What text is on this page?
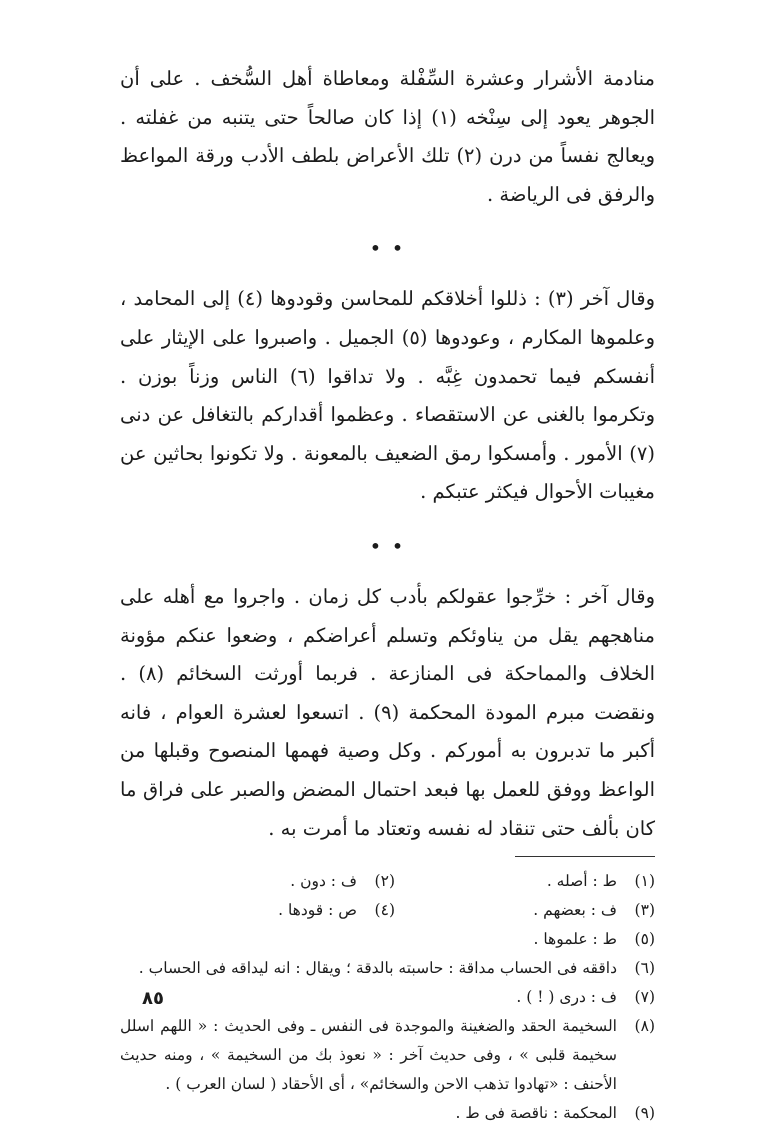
منادمة الأشرار وعشرة السِّفْلة ومعاطاة أهل السُّخف . على أن الجوهر يعود إلى سِنْخه (١) إذا كان صالحاً حتى يتنبه من غفلته . ويعالج نفساً من درن (٢) تلك الأعراض بلطف الأدب ورقة المواعظ والرفق فى الرياضة .

• •

وقال آخر (٣) : ذللوا أخلاقكم للمحاسن وقودوها (٤) إلى المحامد ، وعلموها المكارم ، وعودوها (٥) الجميل . واصبروا على الإيثار على أنفسكم فيما تحمدون غِبَّه . ولا تداقوا (٦) الناس وزناً بوزن . وتكرموا بالغنى عن الاستقصاء . وعظموا أقداركم بالتغافل عن دنى (٧) الأمور . وأمسكوا رمق الضعيف بالمعونة . ولا تكونوا بحاثين عن مغيبات الأحوال فيكثر عتبكم .

• •

وقال آخر : خرِّجوا عقولكم بأدب كل زمان . واجروا مع أهله على مناهجهم يقل من يناوئكم وتسلم أعراضكم ، وضعوا عنكم مؤونة الخلاف والمماحكة فى المنازعة . فربما أورثت السخائم (٨) . ونقضت مبرم المودة المحكمة (٩) . اتسعوا لعشرة العوام ، فانه أكبر ما تدبرون به أموركم . وكل وصية فهمها المنصوح وقبلها من الواعظ ووفق للعمل بها فبعد احتمال المضض والصبر على فراق ما كان بألف حتى تنقاد له نفسه وتعتاد ما أمرت به .

(١)
ط : أصله .
(٢)
ف : دون .
(٣)
ف : بعضهم .
(٤)
ص : قودها .
(٥)
ط : علموها .
(٦)
داققه فى الحساب مداقة : حاسبته بالدقة ؛ ويقال : انه ليداقه فى الحساب .
(٧)
ف : درى ( ! ) .
(٨)
السخيمة الحقد والضغينة والموجدة فى النفس ـ وفى الحديث : « اللهم اسلل سخيمة قلبى » ، وفى حديث آخر : « نعوذ بك من السخيمة » ، ومنه حديث الأحنف : «تهادوا تذهب الاحن والسخائم» ، أى الأحقاد ( لسان العرب ) .
(٩)
المحكمة : ناقصة فى ط .
٨٥
